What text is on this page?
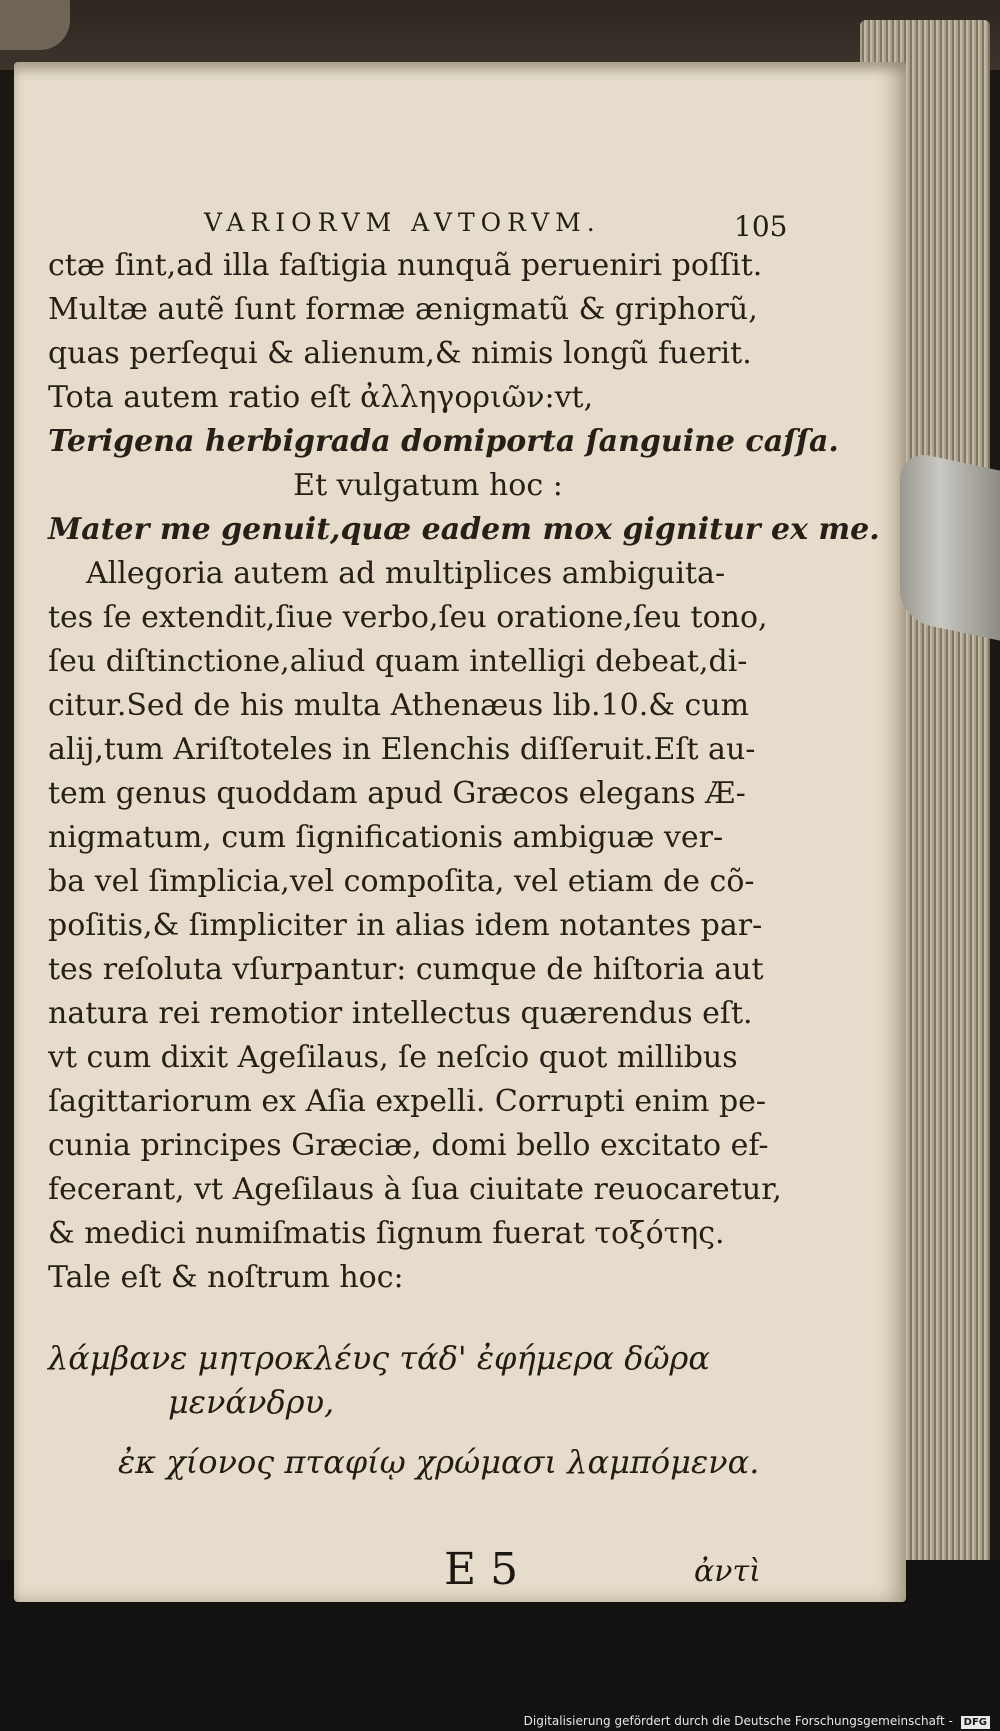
VARIORVM AVTORVM.	105
ctæ ſint,ad illa faſtigia nunquã perueniri poſſit.
Multæ autẽ ſunt formæ ænigmatũ & griphorũ,
quas perſequi & alienum,& nimis longũ fuerit.
Tota autem ratio eſt ἀλληγοριῶν:vt,
Terigena herbigrada domiporta ſanguine caſſa.
Et vulgatum hoc :
Mater me genuit,quæ eadem mox gignitur ex me.
Allegoria autem ad multiplices ambiguita-
tes ſe extendit,ſiue verbo,ſeu oratione,ſeu tono,
ſeu diſtinctione,aliud quam intelligi debeat,di-
citur.Sed de his multa Athenæus lib.10.& cum
alij,tum Ariſtoteles in Elenchis diſſeruit.Eſt au-
tem genus quoddam apud Græcos elegans Æ-
nigmatum, cum ſignificationis ambiguæ ver-
ba vel ſimplicia,vel compoſita, vel etiam de cõ-
poſitis,& ſimpliciter in alias idem notantes par-
tes reſoluta vſurpantur: cumque de hiſtoria aut
natura rei remotior intellectus quærendus eſt.
vt cum dixit Ageſilaus, ſe neſcio quot millibus
ſagittariorum ex Aſia expelli. Corrupti enim pe-
cunia principes Græciæ, domi bello excitato ef-
fecerant, vt Ageſilaus à ſua ciuitate reuocaretur,
& medici numiſmatis ſignum fuerat τοξότης.
Tale eſt & noſtrum hoc:
λάμβανε μητροκλέυς τάδ' ἐφήμερα δῶρα
μενάνδρυ,
ἐκ χίονος πταφίῳ χρώμασι λαμπόμενα.
E 5	ἀντὶ
Digitalisierung gefördert durch die Deutsche Forschungsgemeinschaft - DFG
